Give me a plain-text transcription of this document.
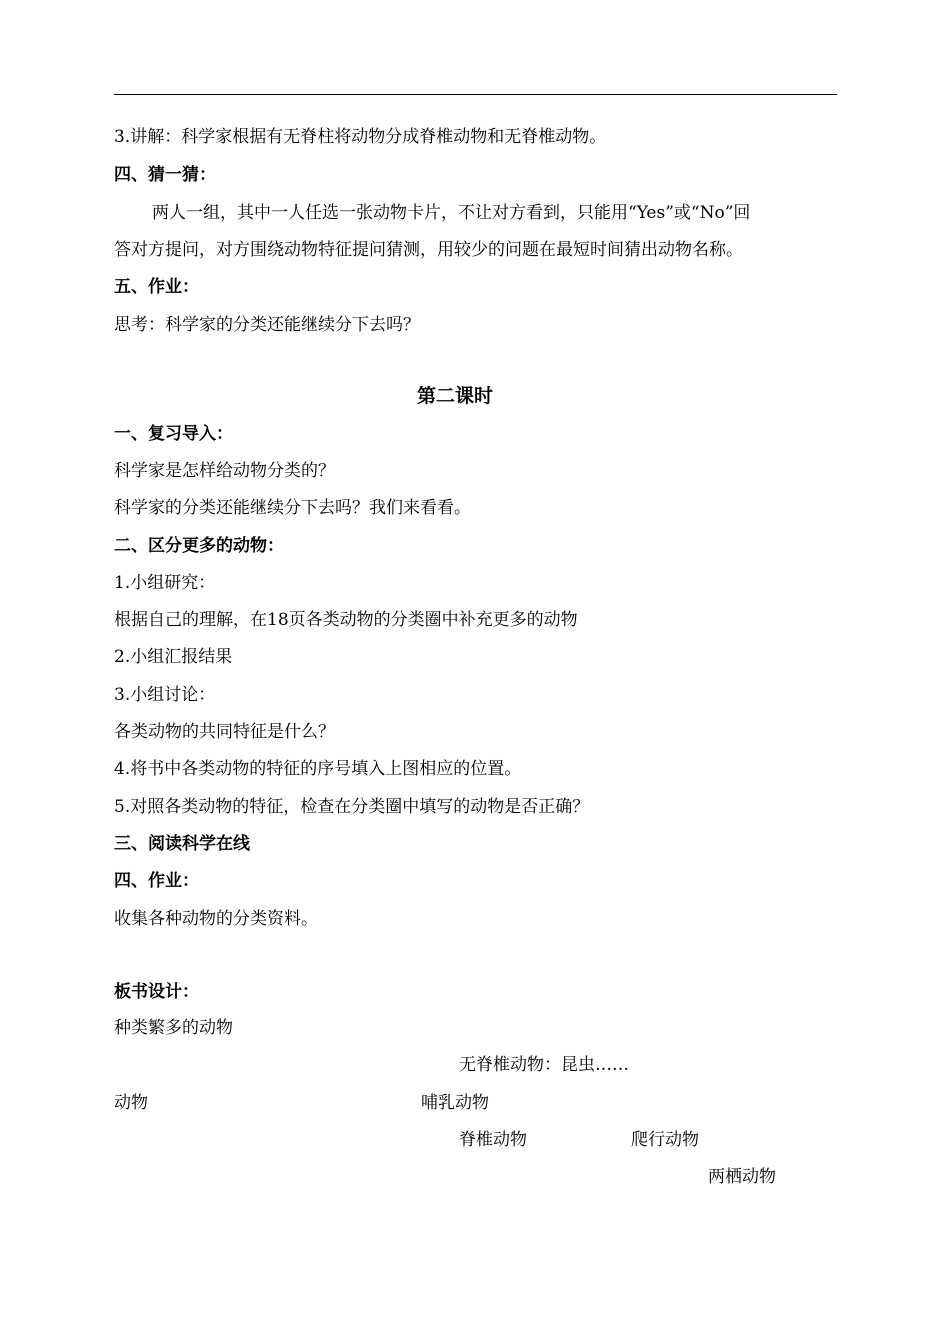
3.讲解：科学家根据有无脊柱将动物分成脊椎动物和无脊椎动物。
四、猜一猜：
两人一组，其中一人任选一张动物卡片，不让对方看到，只能用“Yes”或“No”回
答对方提问，对方围绕动物特征提问猜测，用较少的问题在最短时间猜出动物名称。
五、作业：
思考：科学家的分类还能继续分下去吗？
第二课时
一、复习导入：
科学家是怎样给动物分类的？
科学家的分类还能继续分下去吗？我们来看看。
二、区分更多的动物：
1.小组研究：
根据自己的理解，在18页各类动物的分类圈中补充更多的动物
2.小组汇报结果
3.小组讨论：
各类动物的共同特征是什么？
4.将书中各类动物的特征的序号填入上图相应的位置。
5.对照各类动物的特征，检查在分类圈中填写的动物是否正确？
三、阅读科学在线
四、作业：
收集各种动物的分类资料。
板书设计：
种类繁多的动物
无脊椎动物：昆虫……
动物	哺乳动物
脊椎动物	爬行动物
两栖动物
